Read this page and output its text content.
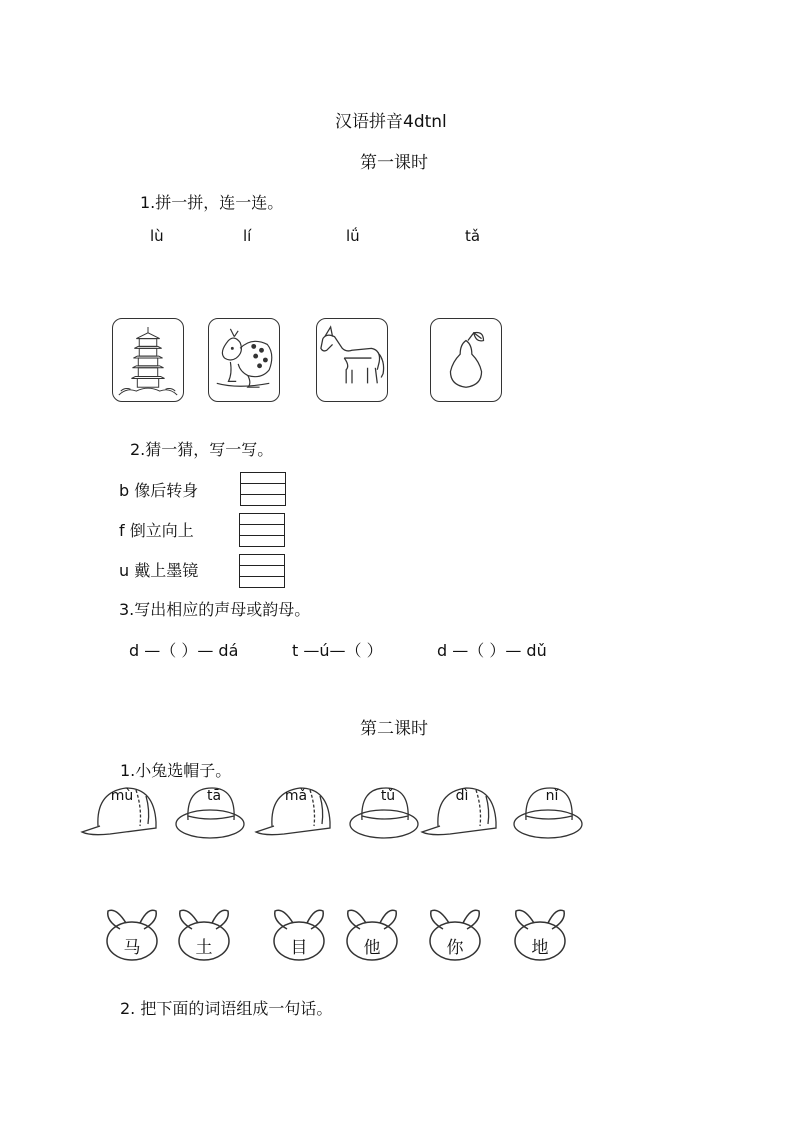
汉语拼音4dtnl
第一课时
1.拼一拼，连一连。
lù	lí	lǘ	tǎ
2.猜一猜，写一写。
b 像后转身
f 倒立向上
u 戴上墨镜
3.写出相应的声母或韵母。
d —（ ）— dá	t —ú—（ ）	d —（ ）— dǔ
第二课时
1.小兔选帽子。
mù	tā	mǎ	tǔ	dì	nǐ
马	土	目	他	你	地
2. 把下面的词语组成一句话。
